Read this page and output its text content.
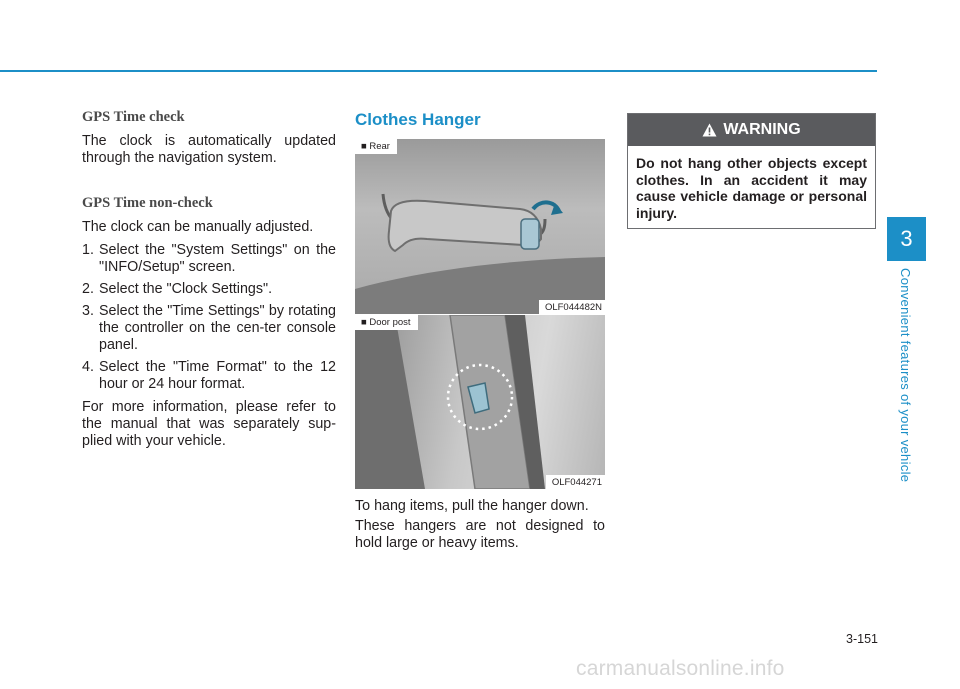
GPS Time check
The clock is automatically updated through the navigation system.
GPS Time non-check
The clock can be manually adjusted.
1. Select the "System Settings" on the "INFO/Setup" screen.
2. Select the "Clock Settings".
3. Select the "Time Settings" by rotating the controller on the cen-ter console panel.
4. Select the "Time Format" to the 12 hour or 24 hour format.
For more information, please refer to the manual that was separately sup-plied with your vehicle.
Clothes Hanger
■ Rear
OLF044482N
■ Door post
OLF044271
To hang items, pull the hanger down.
These hangers are not designed to hold large or heavy items.
WARNING
Do not hang other objects except clothes. In an accident it may cause vehicle damage or personal injury.
3
Convenient features of your vehicle
3-151
carmanualsonline.info
